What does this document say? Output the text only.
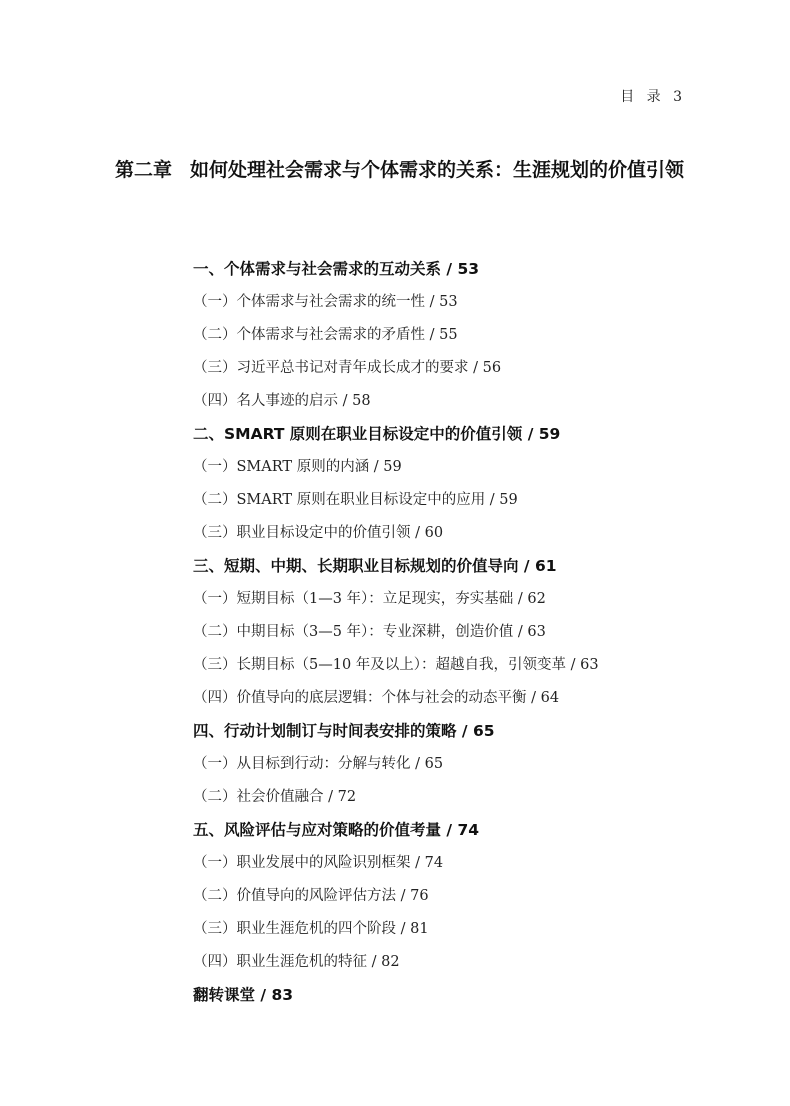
目 录 3
第二章 如何处理社会需求与个体需求的关系：生涯规划的价值引领
一、个体需求与社会需求的互动关系 / 53
（一）个体需求与社会需求的统一性 / 53
（二）个体需求与社会需求的矛盾性 / 55
（三）习近平总书记对青年成长成才的要求 / 56
（四）名人事迹的启示 / 58
二、SMART 原则在职业目标设定中的价值引领 / 59
（一）SMART 原则的内涵 / 59
（二）SMART 原则在职业目标设定中的应用 / 59
（三）职业目标设定中的价值引领 / 60
三、短期、中期、长期职业目标规划的价值导向 / 61
（一）短期目标（1—3 年）：立足现实，夯实基础 / 62
（二）中期目标（3—5 年）：专业深耕，创造价值 / 63
（三）长期目标（5—10 年及以上）：超越自我，引领变革 / 63
（四）价值导向的底层逻辑：个体与社会的动态平衡 / 64
四、行动计划制订与时间表安排的策略 / 65
（一）从目标到行动：分解与转化 / 65
（二）社会价值融合 / 72
五、风险评估与应对策略的价值考量 / 74
（一）职业发展中的风险识别框架 / 74
（二）价值导向的风险评估方法 / 76
（三）职业生涯危机的四个阶段 / 81
（四）职业生涯危机的特征 / 82
翻转课堂 / 83
